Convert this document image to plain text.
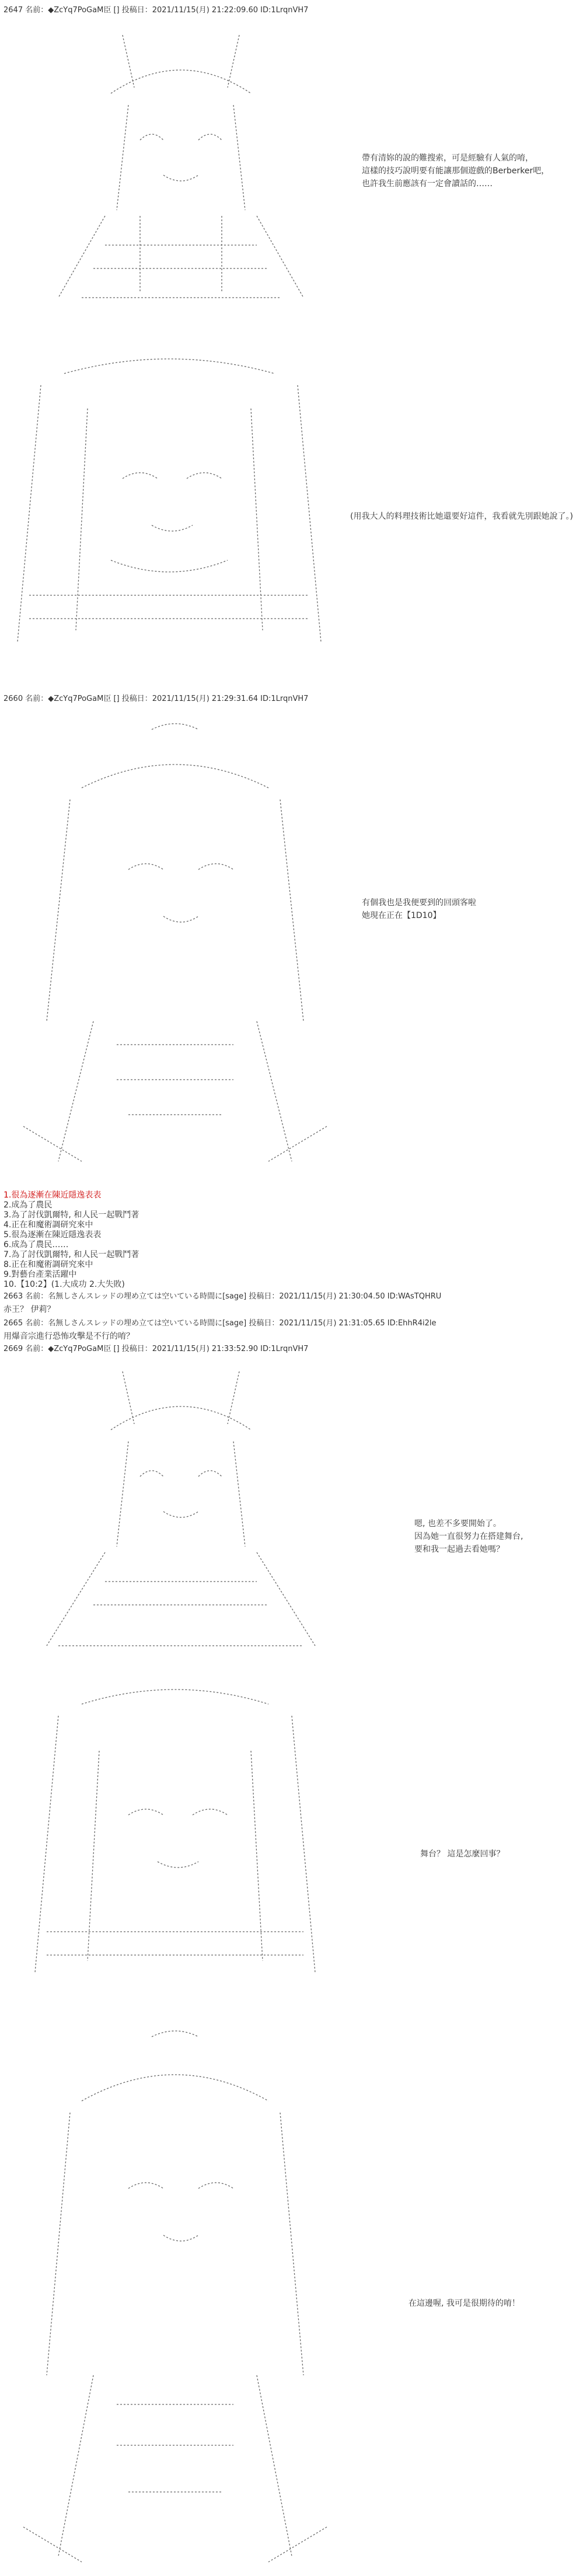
2647 名前：◆ZcYq7PoGaM臣 [] 投稿日：2021/11/15(月) 21:22:09.60 ID:1LrqnVH7
2660 名前：◆ZcYq7PoGaM臣 [] 投稿日：2021/11/15(月) 21:29:31.64 ID:1LrqnVH7
2663 名前：名無しさんスレッドの埋め立ては空いている時間に[sage] 投稿日：2021/11/15(月) 21:30:04.50 ID:WAsTQHRU
2665 名前：名無しさんスレッドの埋め立ては空いている時間に[sage] 投稿日：2021/11/15(月) 21:31:05.65 ID:EhhR4i2le
2669 名前：◆ZcYq7PoGaM臣 [] 投稿日：2021/11/15(月) 21:33:52.90 ID:1LrqnVH7
帶有清妳的說的難搜索，可是經驗有人氣的唷，
這樣的技巧說明要有能讓那個遊戲的Berberker吧，
也許我生前應該有一定會讀話的……
(用我大人的料理技術比她還要好這件，我看就先別跟她說了。)
有個我也是我便要到的回頭客啦
她現在正在【1D10】
1.很為逐漸在陳近隱逸表表
2.成為了農民
3.為了討伐凱爾特, 和人民一起戰鬥著
4.正在和魔術調研究來中
5.很為逐漸在陳近隱逸表表
6.成為了農民……
7.為了討伐凱爾特, 和人民一起戰鬥著
8.正在和魔術調研究來中
9.對藝台產業活躍中
10.【10:2】(1.大成功 2.大失敗)
赤王？ 伊莉？
用爆音宗進行恐怖攻擊是不行的唷？
嗯, 也差不多要開始了。
因為她一直很努力在搭建舞台,
要和我一起過去看她嗎？
舞台？ 這是怎麼回事？
在這邊喔, 我可是很期待的唷！
